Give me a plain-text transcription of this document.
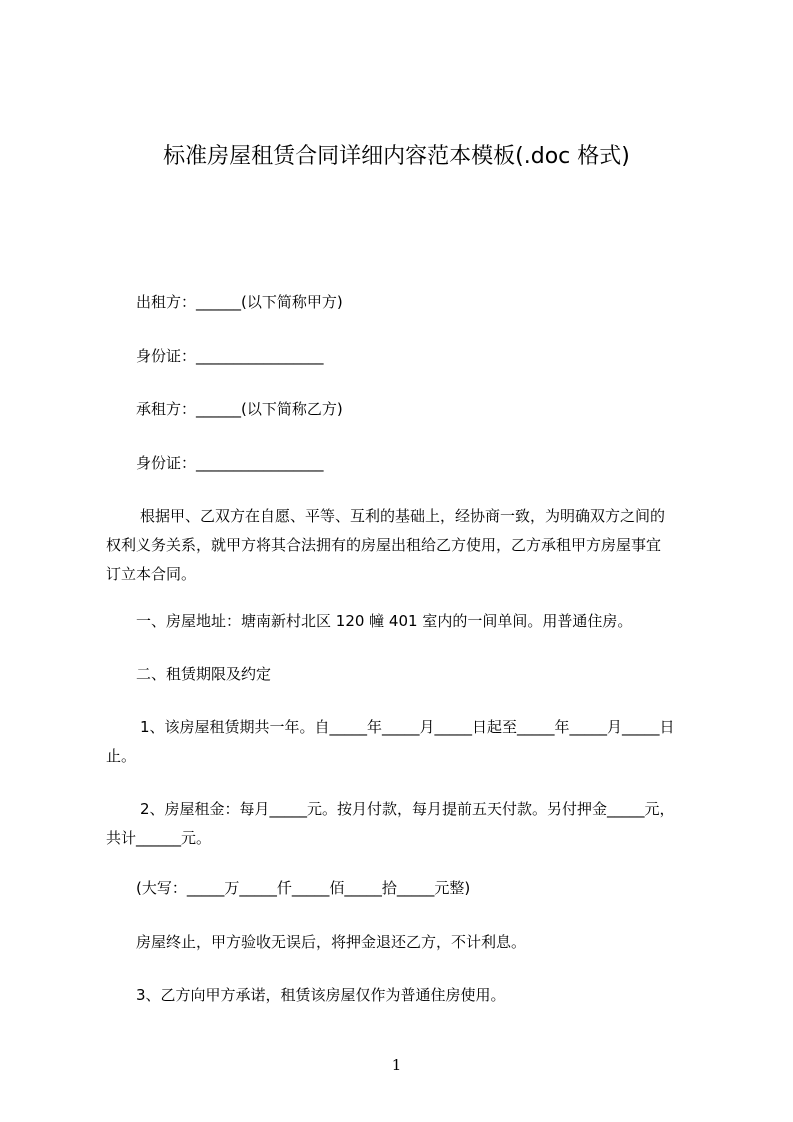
标准房屋租赁合同详细内容范本模板(.doc 格式)
出租方：______(以下简称甲方)
身份证：_________________
承租方：______(以下简称乙方)
身份证：_________________
根据甲、乙双方在自愿、平等、互利的基础上，经协商一致，为明确双方之间的
权利义务关系，就甲方将其合法拥有的房屋出租给乙方使用，乙方承租甲方房屋事宜
订立本合同。
一、房屋地址：塘南新村北区 120 幢 401 室内的一间单间。用普通住房。
二、租赁期限及约定
1、该房屋租赁期共一年。自_____年_____月_____日起至_____年_____月_____日
止。
2、房屋租金：每月_____元。按月付款，每月提前五天付款。另付押金_____元，
共计______元。
(大写：_____万_____仟_____佰_____拾_____元整)
房屋终止，甲方验收无误后，将押金退还乙方，不计利息。
3、乙方向甲方承诺，租赁该房屋仅作为普通住房使用。
1
